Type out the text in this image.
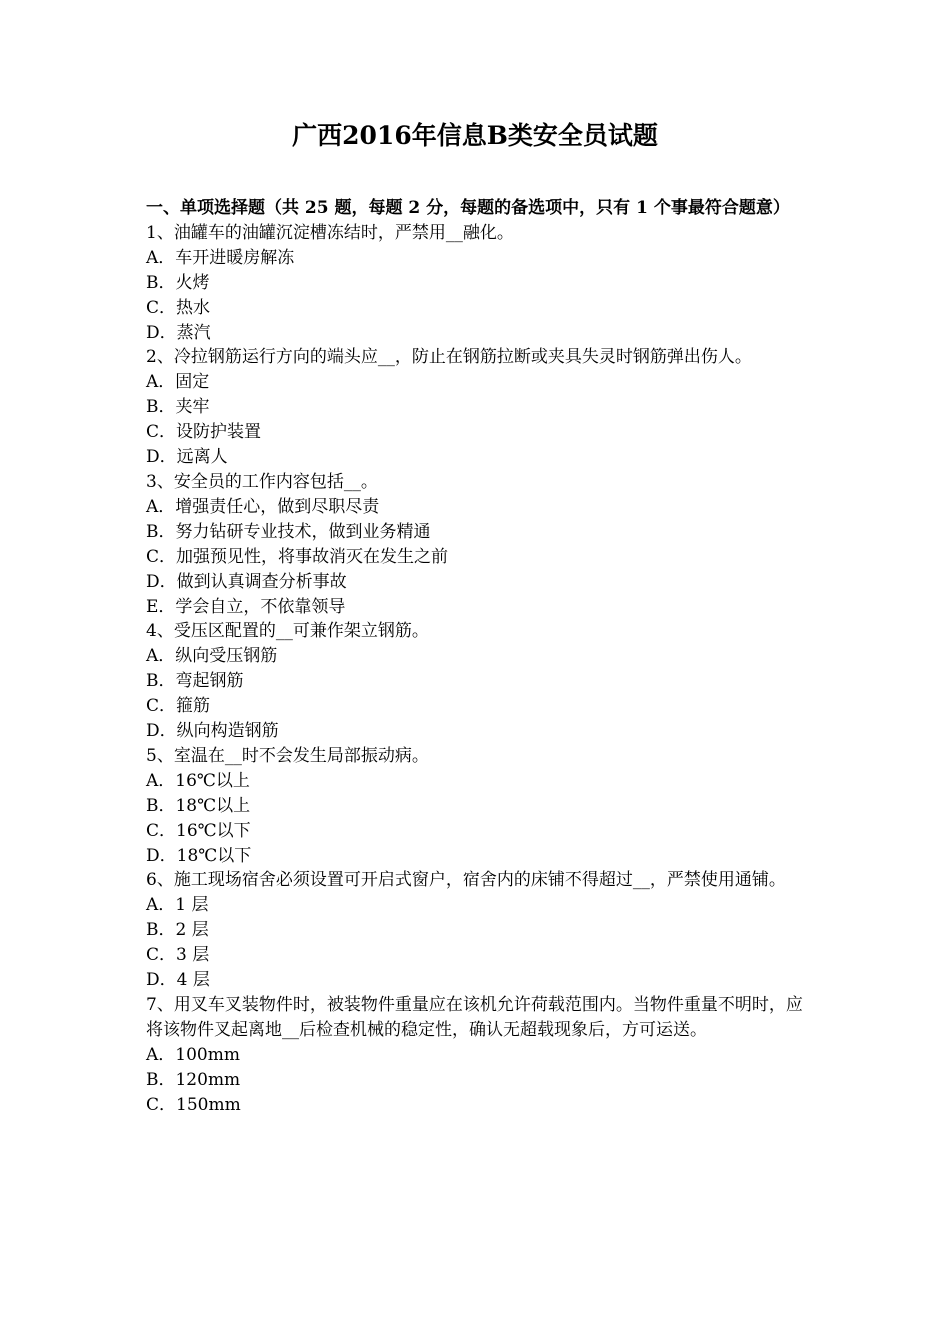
广西2016年信息B类安全员试题

一、单项选择题（共 25 题，每题 2 分，每题的备选项中，只有 1 个事最符合题意）

1、油罐车的油罐沉淀槽冻结时，严禁用__融化。
A．车开进暖房解冻
B．火烤
C．热水
D．蒸汽
2、冷拉钢筋运行方向的端头应__，防止在钢筋拉断或夹具失灵时钢筋弹出伤人。
A．固定
B．夹牢
C．设防护装置
D．远离人
3、安全员的工作内容包括__。
A．增强责任心，做到尽职尽责
B．努力钻研专业技术，做到业务精通
C．加强预见性，将事故消灭在发生之前
D．做到认真调查分析事故
E．学会自立，不依靠领导
4、受压区配置的__可兼作架立钢筋。
A．纵向受压钢筋
B．弯起钢筋
C．箍筋
D．纵向构造钢筋
5、室温在__时不会发生局部振动病。
A．16℃以上
B．18℃以上
C．16℃以下
D．18℃以下
6、施工现场宿舍必须设置可开启式窗户，宿舍内的床铺不得超过__，严禁使用通铺。
A．1 层
B．2 层
C．3 层
D．4 层
7、用叉车叉装物件时，被装物件重量应在该机允许荷载范围内。当物件重量不明时，应将该物件叉起离地__后检查机械的稳定性，确认无超载现象后，方可运送。
A．100mm
B．120mm
C．150mm
